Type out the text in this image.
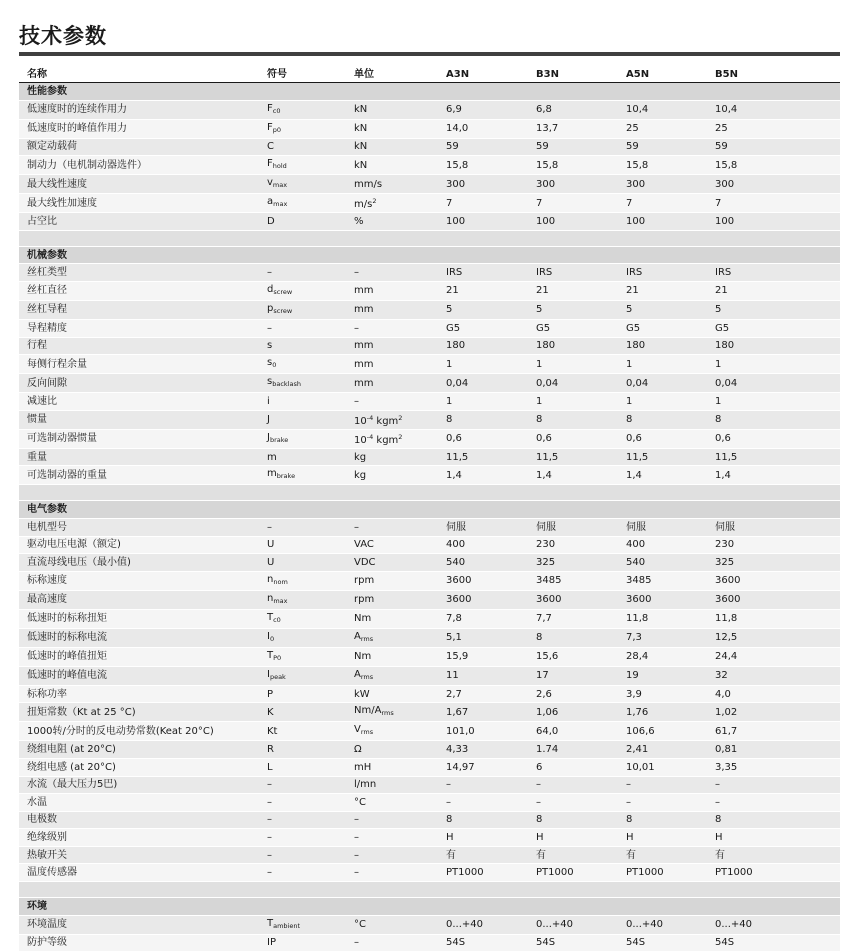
技术参数
名称	符号	单位	A3N	B3N	A5N	B5N
性能参数						
低速度时的连续作用力	$F_{c0}$	kN	6,9	6,8	10,4	10,4
低速度时的峰值作用力	$F_{p0}$	kN	14,0	13,7	25	25
额定动载荷	C	kN	59	59	59	59
制动力（电机制动器选件）	$F_{hold}$	kN	15,8	15,8	15,8	15,8
最大线性速度	$v_{max}$	mm/s	300	300	300	300
最大线性加速度	$a_{max}$	$m/s^2$	7	7	7	7
占空比	D	%	100	100	100	100

机械参数						
丝杠类型	–	–	IRS	IRS	IRS	IRS
丝杠直径	$d_{screw}$	mm	21	21	21	21
丝杠导程	$p_{screw}$	mm	5	5	5	5
导程精度	–	–	G5	G5	G5	G5
行程	s	mm	180	180	180	180
每侧行程余量	$s_0$	mm	1	1	1	1
反向间隙	$s_{backlash}$	mm	0,04	0,04	0,04	0,04
减速比	i	–	1	1	1	1
惯量	J	$10^{-4}$ kgm$^2$	8	8	8	8
可选制动器惯量	$J_{brake}$	$10^{-4}$ kgm$^2$	0,6	0,6	0,6	0,6
重量	m	kg	11,5	11,5	11,5	11,5
可选制动器的重量	$m_{brake}$	kg	1,4	1,4	1,4	1,4

电气参数						
电机型号	–	–	伺服	伺服	伺服	伺服
驱动电压电源（额定)	U	VAC	400	230	400	230
直流母线电压（最小值)	U	VDC	540	325	540	325
标称速度	$n_{nom}$	rpm	3600	3485	3485	3600
最高速度	$n_{max}$	rpm	3600	3600	3600	3600
低速时的标称扭矩	$T_{c0}$	Nm	7,8	7,7	11,8	11,8
低速时的标称电流	$I_0$	$A_{rms}$	5,1	8	7,3	12,5
低速时的峰值扭矩	$T_{P0}$	Nm	15,9	15,6	28,4	24,4
低速时的峰值电流	$I_{peak}$	$A_{rms}$	11	17	19	32
标称功率	P	kW	2,7	2,6	3,9	4,0
扭矩常数（Kt at 25 °C)	K	$Nm/A_{rms}$	1,67	1,06	1,76	1,02
1000转/分时的反电动势常数(Keat 20°C)	Kt	$V_{rms}$	101,0	64,0	106,6	61,7
绕组电阻 (at 20°C)	R	Ω	4,33	1.74	2,41	0,81
绕组电感 (at 20°C)	L	mH	14,97	6	10,01	3,35
水流（最大压力5巴)	–	l/mn	–	–	–	–
水温	–	°C	–	–	–	–
电极数	–	–	8	8	8	8
绝缘级别	–	–	H	H	H	H
热敏开关	–	–	有	有	有	有
温度传感器	–	–	PT1000	PT1000	PT1000	PT1000

环境						
环境温度	$T_{ambient}$	°C	0...+40	0...+40	0...+40	0...+40
防护等级	IP	–	54S	54S	54S	54S
